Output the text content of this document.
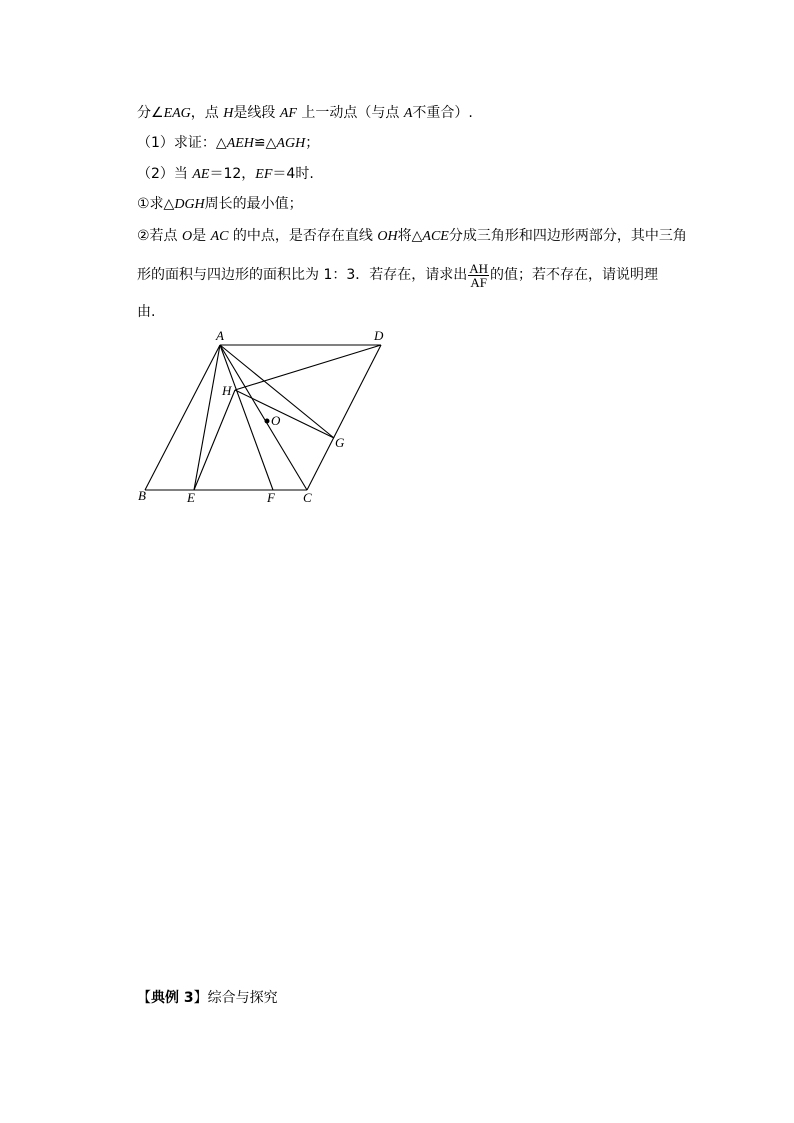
分∠EAG，点 H是线段 AF 上一动点（与点 A不重合）.
（1）求证：△AEH≌△AGH；
（2）当 AE＝12，EF＝4时.
①求△DGH周长的最小值；
②若点 O是 AC 的中点，是否存在直线 OH将△ACE分成三角形和四边形两部分，其中三角
形的面积与四边形的面积比为 1：3．若存在，请求出 $\frac{AH}{AF}$ 的值；若不存在，请说明理
由.
A	D
H
O
G
B	E	F C
【典例 3】综合与探究
